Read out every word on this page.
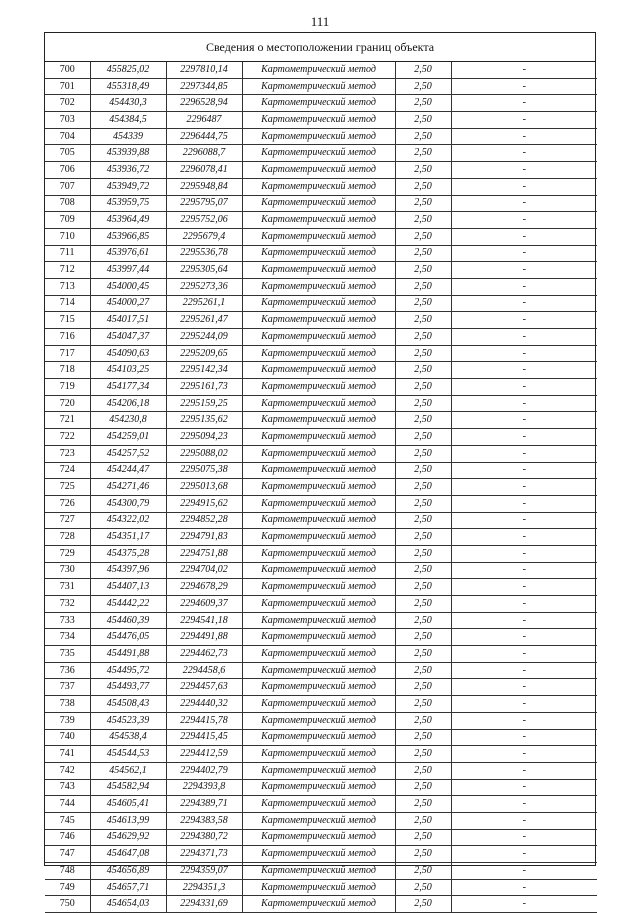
111
Сведения о местоположении границ объекта
700	455825,02	2297810,14	Картометрический метод	2,50	-
701	455318,49	2297344,85	Картометрический метод	2,50	-
702	454430,3	2296528,94	Картометрический метод	2,50	-
703	454384,5	2296487	Картометрический метод	2,50	-
704	454339	2296444,75	Картометрический метод	2,50	-
705	453939,88	2296088,7	Картометрический метод	2,50	-
706	453936,72	2296078,41	Картометрический метод	2,50	-
707	453949,72	2295948,84	Картометрический метод	2,50	-
708	453959,75	2295795,07	Картометрический метод	2,50	-
709	453964,49	2295752,06	Картометрический метод	2,50	-
710	453966,85	2295679,4	Картометрический метод	2,50	-
711	453976,61	2295536,78	Картометрический метод	2,50	-
712	453997,44	2295305,64	Картометрический метод	2,50	-
713	454000,45	2295273,36	Картометрический метод	2,50	-
714	454000,27	2295261,1	Картометрический метод	2,50	-
715	454017,51	2295261,47	Картометрический метод	2,50	-
716	454047,37	2295244,09	Картометрический метод	2,50	-
717	454090,63	2295209,65	Картометрический метод	2,50	-
718	454103,25	2295142,34	Картометрический метод	2,50	-
719	454177,34	2295161,73	Картометрический метод	2,50	-
720	454206,18	2295159,25	Картометрический метод	2,50	-
721	454230,8	2295135,62	Картометрический метод	2,50	-
722	454259,01	2295094,23	Картометрический метод	2,50	-
723	454257,52	2295088,02	Картометрический метод	2,50	-
724	454244,47	2295075,38	Картометрический метод	2,50	-
725	454271,46	2295013,68	Картометрический метод	2,50	-
726	454300,79	2294915,62	Картометрический метод	2,50	-
727	454322,02	2294852,28	Картометрический метод	2,50	-
728	454351,17	2294791,83	Картометрический метод	2,50	-
729	454375,28	2294751,88	Картометрический метод	2,50	-
730	454397,96	2294704,02	Картометрический метод	2,50	-
731	454407,13	2294678,29	Картометрический метод	2,50	-
732	454442,22	2294609,37	Картометрический метод	2,50	-
733	454460,39	2294541,18	Картометрический метод	2,50	-
734	454476,05	2294491,88	Картометрический метод	2,50	-
735	454491,88	2294462,73	Картометрический метод	2,50	-
736	454495,72	2294458,6	Картометрический метод	2,50	-
737	454493,77	2294457,63	Картометрический метод	2,50	-
738	454508,43	2294440,32	Картометрический метод	2,50	-
739	454523,39	2294415,78	Картометрический метод	2,50	-
740	454538,4	2294415,45	Картометрический метод	2,50	-
741	454544,53	2294412,59	Картометрический метод	2,50	-
742	454562,1	2294402,79	Картометрический метод	2,50	-
743	454582,94	2294393,8	Картометрический метод	2,50	-
744	454605,41	2294389,71	Картометрический метод	2,50	-
745	454613,99	2294383,58	Картометрический метод	2,50	-
746	454629,92	2294380,72	Картометрический метод	2,50	-
747	454647,08	2294371,73	Картометрический метод	2,50	-
748	454656,89	2294359,07	Картометрический метод	2,50	-
749	454657,71	2294351,3	Картометрический метод	2,50	-
750	454654,03	2294331,69	Картометрический метод	2,50	-
